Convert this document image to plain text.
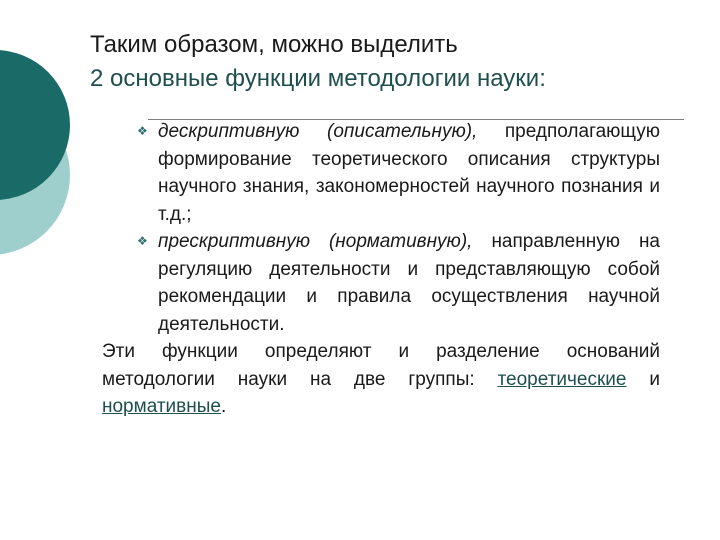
Таким образом, можно выделить
2 основные функции методологии науки:
❖ дескриптивную (описательную), предполагающую формирование теоретического описания структуры научного знания, закономерностей научного познания и т.д.;
❖ прескриптивную (нормативную), направленную на регуляцию деятельности и представляющую собой рекомендации и правила осуществления научной деятельности.
Эти функции определяют и разделение оснований методологии науки на две группы: теоретические и нормативные.
